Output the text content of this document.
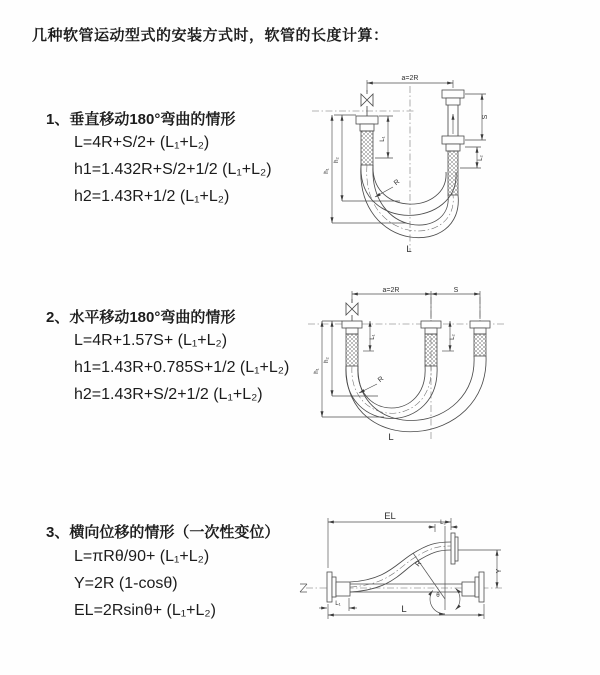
几种软管运动型式的安装方式时，软管的长度计算：
1、垂直移动180°弯曲的情形
L=4R+S/2+ (L₁+L₂)
h1=1.432R+S/2+1/2 (L₁+L₂)
h2=1.43R+1/2 (L₁+L₂)
2、水平移动180°弯曲的情形
L=4R+1.57S+ (L₁+L₂)
h1=1.43R+0.785S+1/2 (L₁+L₂)
h2=1.43R+S/2+1/2 (L₁+L₂)
3、横向位移的情形（一次性变位）
L=πRθ/90+ (L₁+L₂)
Y=2R (1-cosθ)
EL=2Rsinθ+ (L₁+L₂)
a=2R
L₁
S
L₂
h₁
h₂
R
L
a=2R	S
L₁	L₂
h₁
h₂
R
L
EL
L₂
R
θ
Y
L₁
L
